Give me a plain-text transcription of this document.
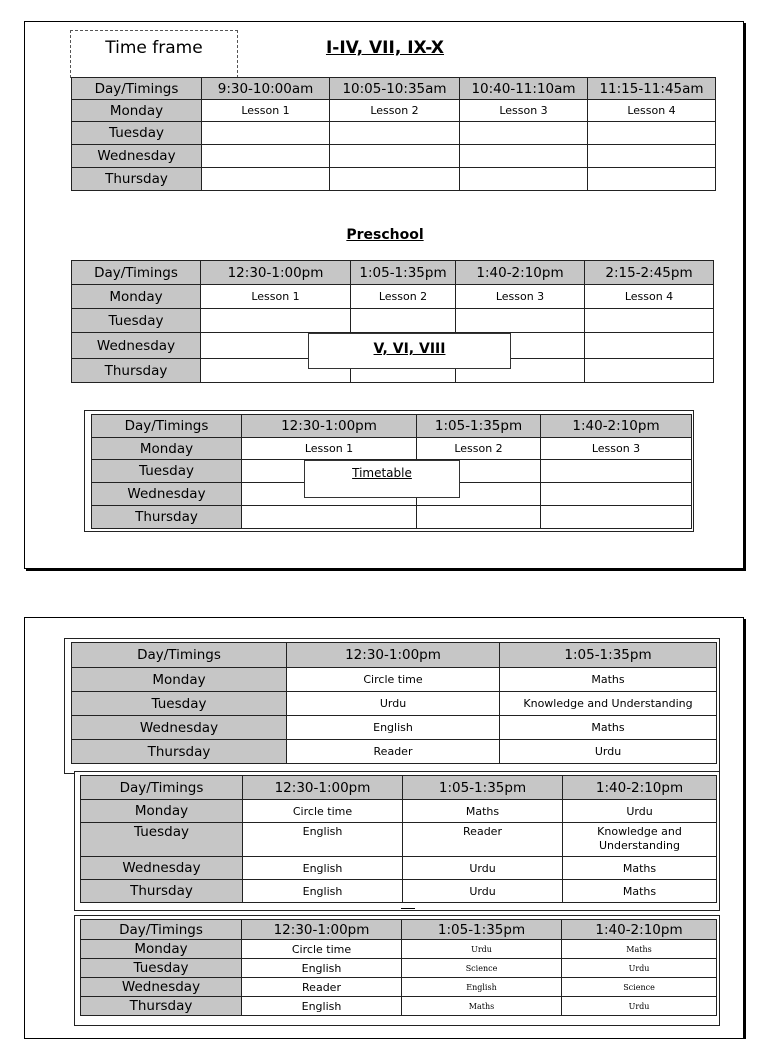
Time frame	I-IV, VII, IX-X
Day/Timings	9:30-10:00am	10:05-10:35am	10:40-11:10am	11:15-11:45am
Monday	Lesson 1	Lesson 2	Lesson 3	Lesson 4
Tuesday				
Wednesday				
Thursday				
Preschool
Day/Timings	12:30-1:00pm	1:05-1:35pm	1:40-2:10pm	2:15-2:45pm
Monday	Lesson 1	Lesson 2	Lesson 3	Lesson 4
Tuesday				
Wednesday				
Thursday				
V, VI, VIII
Day/Timings	12:30-1:00pm	1:05-1:35pm	1:40-2:10pm
Monday	Lesson 1	Lesson 2	Lesson 3
Tuesday			
Wednesday			
Thursday			
Timetable
Day/Timings	12:30-1:00pm	1:05-1:35pm
Monday	Circle time	Maths
Tuesday	Urdu	Knowledge and Understanding
Wednesday	English	Maths
Thursday	Reader	Urdu
Day/Timings	12:30-1:00pm	1:05-1:35pm	1:40-2:10pm
Monday	Circle time	Maths	Urdu
Tuesday	English	Reader	Knowledge and Understanding
Wednesday	English	Urdu	Maths
Thursday	English	Urdu	Maths
Day/Timings	12:30-1:00pm	1:05-1:35pm	1:40-2:10pm
Monday	Circle time	Urdu	Maths
Tuesday	English	Science	Urdu
Wednesday	Reader	English	Science
Thursday	English	Maths	Urdu
